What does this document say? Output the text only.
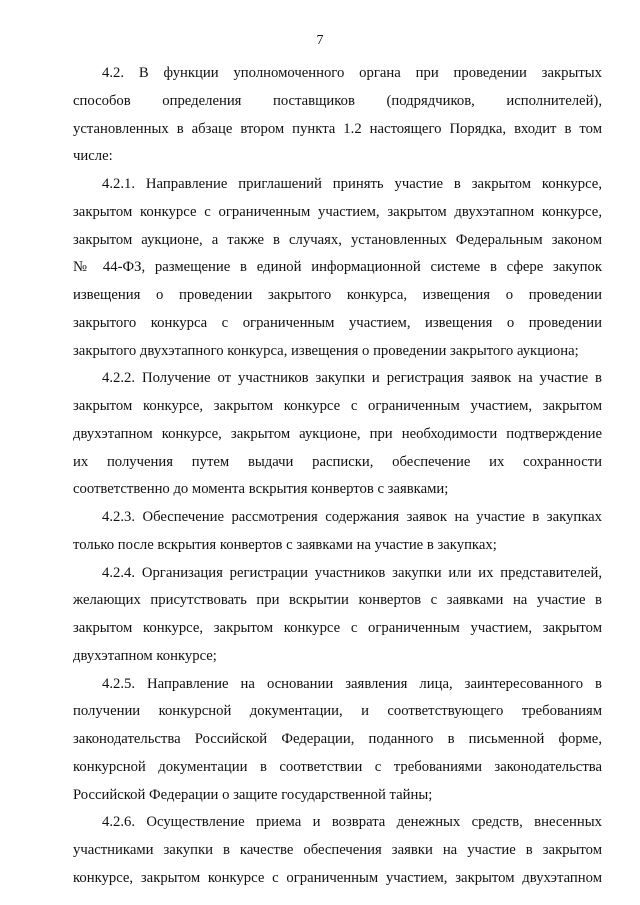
7
4.2. В функции уполномоченного органа при проведении закрытых
способов определения поставщиков (подрядчиков, исполнителей),
установленных в абзаце втором пункта 1.2 настоящего Порядка, входит в том
числе:
4.2.1. Направление приглашений принять участие в закрытом конкурсе,
закрытом конкурсе с ограниченным участием, закрытом двухэтапном конкурсе,
закрытом аукционе, а также в случаях, установленных Федеральным законом
№ 44-ФЗ, размещение в единой информационной системе в сфере закупок
извещения о проведении закрытого конкурса, извещения о проведении
закрытого конкурса с ограниченным участием, извещения о проведении
закрытого двухэтапного конкурса, извещения о проведении закрытого аукциона;
4.2.2. Получение от участников закупки и регистрация заявок на участие в
закрытом конкурсе, закрытом конкурсе с ограниченным участием, закрытом
двухэтапном конкурсе, закрытом аукционе, при необходимости подтверждение
их получения путем выдачи расписки, обеспечение их сохранности
соответственно до момента вскрытия конвертов с заявками;
4.2.3. Обеспечение рассмотрения содержания заявок на участие в закупках
только после вскрытия конвертов с заявками на участие в закупках;
4.2.4. Организация регистрации участников закупки или их представителей,
желающих присутствовать при вскрытии конвертов с заявками на участие в
закрытом конкурсе, закрытом конкурсе с ограниченным участием, закрытом
двухэтапном конкурсе;
4.2.5. Направление на основании заявления лица, заинтересованного в
получении конкурсной документации, и соответствующего требованиям
законодательства Российской Федерации, поданного в письменной форме,
конкурсной документации в соответствии с требованиями законодательства
Российской Федерации о защите государственной тайны;
4.2.6. Осуществление приема и возврата денежных средств, внесенных
участниками закупки в качестве обеспечения заявки на участие в закрытом
конкурсе, закрытом конкурсе с ограниченным участием, закрытом двухэтапном
